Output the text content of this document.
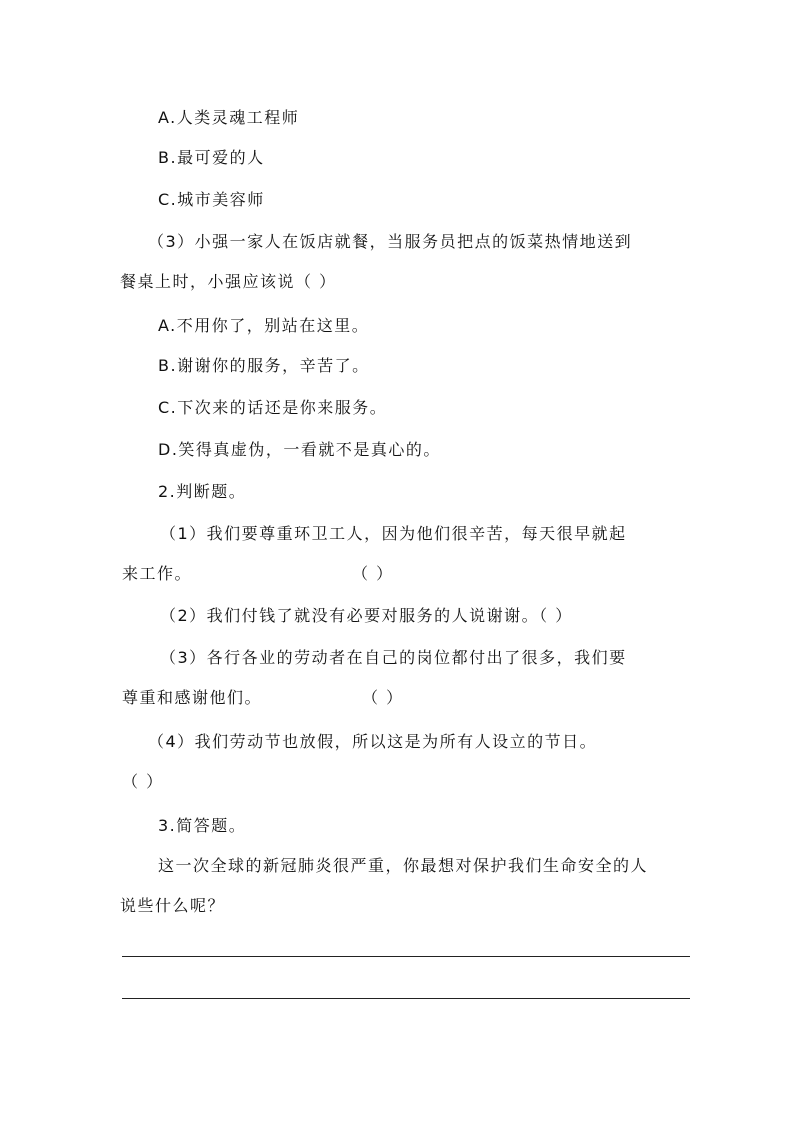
A.人类灵魂工程师
B.最可爱的人
C.城市美容师
（3）小强一家人在饭店就餐，当服务员把点的饭菜热情地送到
餐桌上时，小强应该说（ ）
A.不用你了，别站在这里。
B.谢谢你的服务，辛苦了。
C.下次来的话还是你来服务。
D.笑得真虚伪，一看就不是真心的。
2.判断题。
（1）我们要尊重环卫工人，因为他们很辛苦，每天很早就起
来工作。	（ ）
（2）我们付钱了就没有必要对服务的人说谢谢。（ ）
（3）各行各业的劳动者在自己的岗位都付出了很多，我们要
尊重和感谢他们。	（ ）
（4）我们劳动节也放假，所以这是为所有人设立的节日。
（ ）
3.简答题。
这一次全球的新冠肺炎很严重，你最想对保护我们生命安全的人
说些什么呢？
